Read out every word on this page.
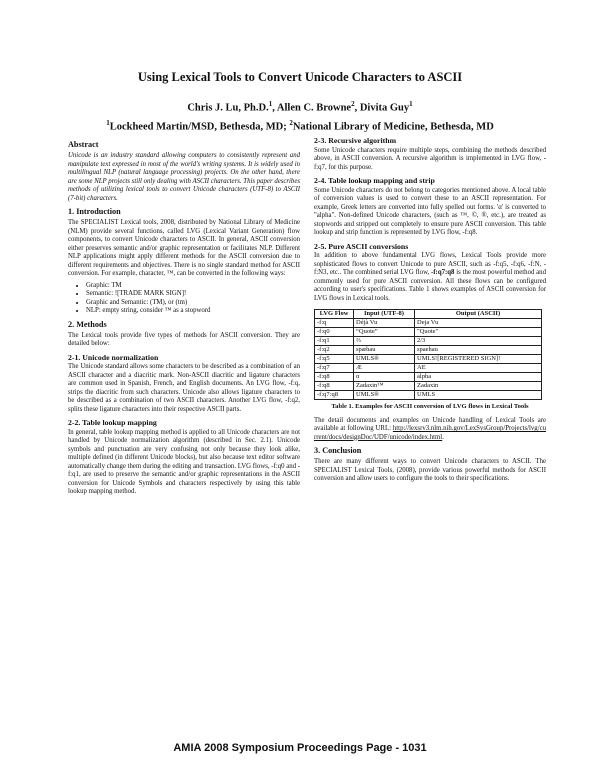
Using Lexical Tools to Convert Unicode Characters to ASCII
Chris J. Lu, Ph.D.$^1$, Allen C. Browne$^2$, Divita Guy$^1$
$^1$Lockheed Martin/MSD, Bethesda, MD; $^2$National Library of Medicine, Bethesda, MD
Abstract

Unicode is an industry standard allowing computers to consistently represent and manipulate text expressed in most of the world's writing systems. It is widely used in multilingual NLP (natural language processing) projects. On the other hand, there are some NLP projects still only dealing with ASCII characters. This paper describes methods of utilizing lexical tools to convert Unicode characters (UTF-8) to ASCII (7-bit) characters.

1. Introduction

The SPECIALIST Lexical tools, 2008, distributed by National Library of Medicine (NLM) provide several functions, called LVG (Lexical Variant Generation) flow components, to convert Unicode characters to ASCII. In general, ASCII conversion either preserves semantic and/or graphic representation or facilitates NLP. Different NLP applications might apply different methods for the ASCII conversion due to different requirements and objectives. There is no single standard method for ASCII conversion. For example, character, ™, can be converted in the following ways:

• Graphic: TM
• Semantic: ![TRADE MARK SIGN]!
• Graphic and Semantic: (TM), or (tm)
• NLP: empty string, consider ™ as a stopword
2. Methods

The Lexical tools provide five types of methods for ASCII conversion. They are detailed below:

2-1. Unicode normalization

The Unicode standard allows some characters to be described as a combination of an ASCII character and a diacritic mark. Non-ASCII diacritic and ligature characters are common used in Spanish, French, and English documents. An LVG flow, -f:q, strips the diacritic from such characters. Unicode also allows ligature characters to be described as a combination of two ASCII characters. Another LVG flow, -f:q2, splits these ligature characters into their respective ASCII parts.

2-2. Table lookup mapping

In general, table lookup mapping method is applied to all Unicode characters are not handled by Unicode normalization algorithm (described in Sec. 2.1). Unicode symbols and punctuation are very confusing not only because they look alike, multiple defined (in different Unicode blocks), but also because text editor software automatically change them during the editing and transaction. LVG flows, -f:q0 and -f:q1, are used to preserve the semantic and/or graphic representations in the ASCII conversion for Unicode Symbols and characters respectively by using this table lookup mapping method.

2-3. Recursive algorithm

Some Unicode characters require multiple steps, combining the methods described above, in ASCII conversion. A recursive algorithm is implemented in LVG flow, -f:q7, for this purpose.

2-4. Table lookup mapping and strip

Some Unicode characters do not belong to categories mentioned above. A local table of conversion values is used to convert these to an ASCII representation. For example, Greek letters are converted into fully spelled out forms. 'α' is converted to "alpha". Non-defined Unicode characters, (such as ™, ©, ®, etc.), are treated as stopwords and stripped out completely to ensure pure ASCII conversion. This table lookup and strip function is represented by LVG flow, -f:q8.

2-5. Pure ASCII conversions

In addition to above fundamental LVG flows, Lexical Tools provide more sophisticated flows to convert Unicode to pure ASCII, such as -f:q5, -f:q6, -f:N, -f:N3, etc.. The combined serial LVG flow, -f:q7:q8 is the most powerful method and commonly used for pure ASCII conversion. All these flows can be configured according to user's specifications. Table 1 shows examples of ASCII conversion for LVG flows in Lexical tools.

LVG Flow	Input (UTF-8)	Output (ASCII)
-f:q	Déjà Vu	Deja Vu
-f:q0	“Quote”	"Quote"
-f:q1	⅔	2/3
-f:q2	spæhau	spaehau
-f:q5	UMLS®	UMLS![REGISTERED SIGN]!
-f:q7	Æ	AE
-f:q8	α	alpha
-f:q8	Zadaxin™	Zadaxin
-f:q7:q8	UMLS®	UMLS
Table 1. Examples for ASCII conversion of LVG flows in Lexical Tools

The detail documents and examples on Unicode handling of Lexical Tools are available at following URL: http://lexsrv3.nlm.nih.gov/LexSysGroup/Projects/lvg/current/docs/designDoc/UDF/unicode/index.html.

3. Conclusion

There are many different ways to convert Unicode characters to ASCII. The SPECIALIST Lexical Tools, (2008), provide various powerful methods for ASCII conversion and allow users to configure the tools to their specifications.

AMIA 2008 Symposium Proceedings Page - 1031
